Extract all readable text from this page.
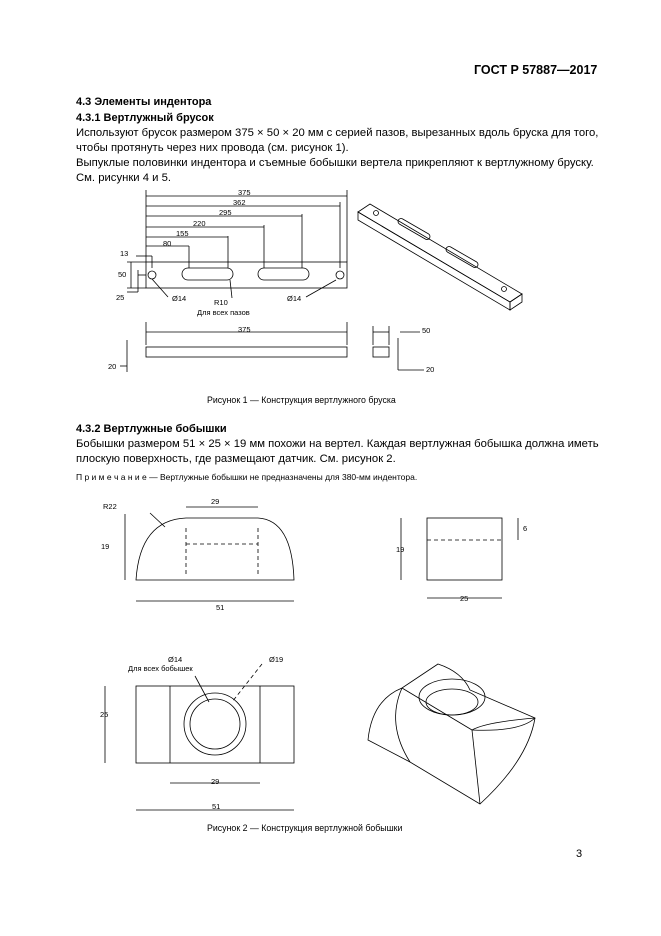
ГОСТ Р 57887—2017
4.3 Элементы индентора
4.3.1 Вертлужный брусок
Используют брусок размером 375 × 50 × 20 мм с серией пазов, вырезанных вдоль бруска для того,
чтобы протянуть через них провода (см. рисунок 1).
Выпуклые половинки индентора и съемные бобышки вертела прикрепляют к вертлужному бруску.
См. рисунки 4 и 5.
375
362
295
220
155
80
13
50
25	Ø14	R10
Для всех пазов
Ø14
375
20
50
20
Рисунок 1 — Конструкция вертлужного бруска
4.3.2 Вертлужные бобышки
Бобышки размером 51 × 25 × 19 мм похожи на вертел. Каждая вертлужная бобышка должна иметь
плоскую поверхность, где размещают датчик. См. рисунок 2.
П р и м е ч а н и е — Вертлужные бобышки не предназначены для 380-мм индентора.
R22
29
19
51
6
19
25
Ø14
Для всех бобышек
Ø19
25
29
51
Рисунок 2 — Конструкция вертлужной бобышки
3
